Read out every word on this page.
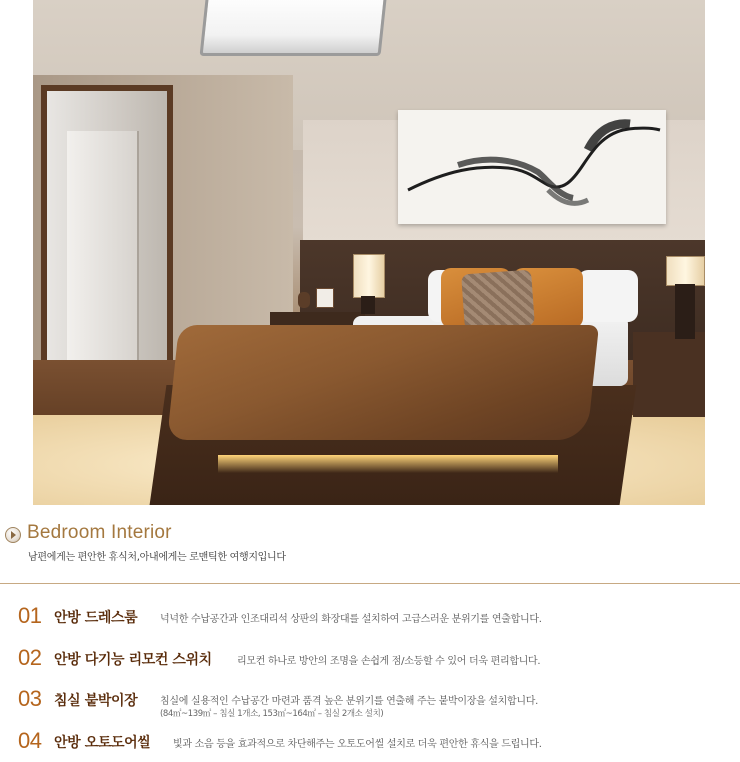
Bedroom Interior
남편에게는 편안한 휴식처,아내에게는 로맨틱한 여행지입니다
01 안방 드레스룸 넉넉한 수납공간과 인조대리석 상판의 화장대를 설치하여 고급스러운 분위기를 연출합니다.
02 안방 다기능 리모컨 스위치	리모컨 하나로 방안의 조명을 손쉽게 점/소등할 수 있어 더욱 편리합니다.
03 침실 붙박이장 침실에 실용적인 수납공간 마련과 품격 높은 분위기를 연출해 주는 붙박이장을 설치합니다.
(84㎡~139㎡ – 침실 1개소, 153㎡~164㎡ – 침실 2개소 설치)
04 안방 오토도어씰 빛과 소음 등을 효과적으로 차단해주는 오토도어씰 설치로 더욱 편안한 휴식을 드립니다.
